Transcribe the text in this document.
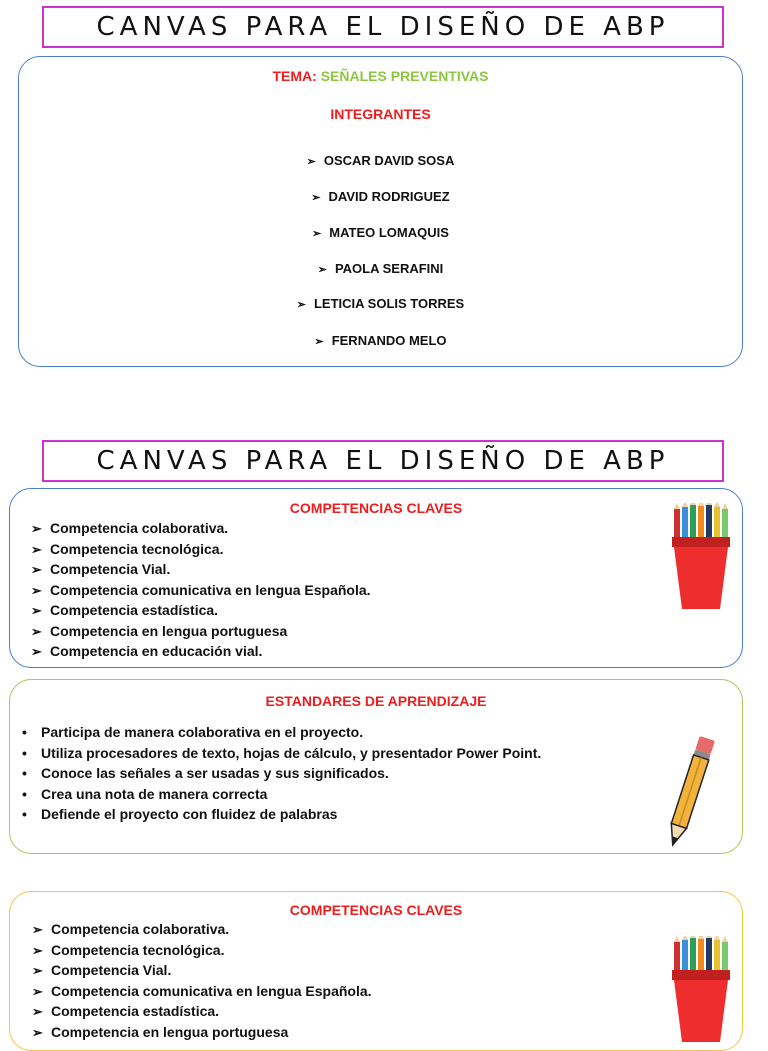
CANVAS PARA EL DISEÑO DE ABP
TEMA: SEÑALES PREVENTIVAS
INTEGRANTES
➢ OSCAR DAVID SOSA
➢ DAVID RODRIGUEZ
➢ MATEO LOMAQUIS
➢ PAOLA SERAFINI
➢ LETICIA SOLIS TORRES
➢ FERNANDO MELO
CANVAS PARA EL DISEÑO DE ABP
COMPETENCIAS CLAVES
➢ Competencia colaborativa.
➢ Competencia tecnológica.
➢ Competencia Vial.
➢ Competencia comunicativa en lengua Española.
➢ Competencia estadística.
➢ Competencia en lengua portuguesa
➢ Competencia en educación vial.
ESTANDARES DE APRENDIZAJE
• Participa de manera colaborativa en el proyecto.
• Utiliza procesadores de texto, hojas de cálculo, y presentador Power Point.
• Conoce las señales a ser usadas y sus significados.
• Crea una nota de manera correcta
• Defiende el proyecto con fluidez de palabras
COMPETENCIAS CLAVES
➢ Competencia colaborativa.
➢ Competencia tecnológica.
➢ Competencia Vial.
➢ Competencia comunicativa en lengua Española.
➢ Competencia estadística.
➢ Competencia en lengua portuguesa
